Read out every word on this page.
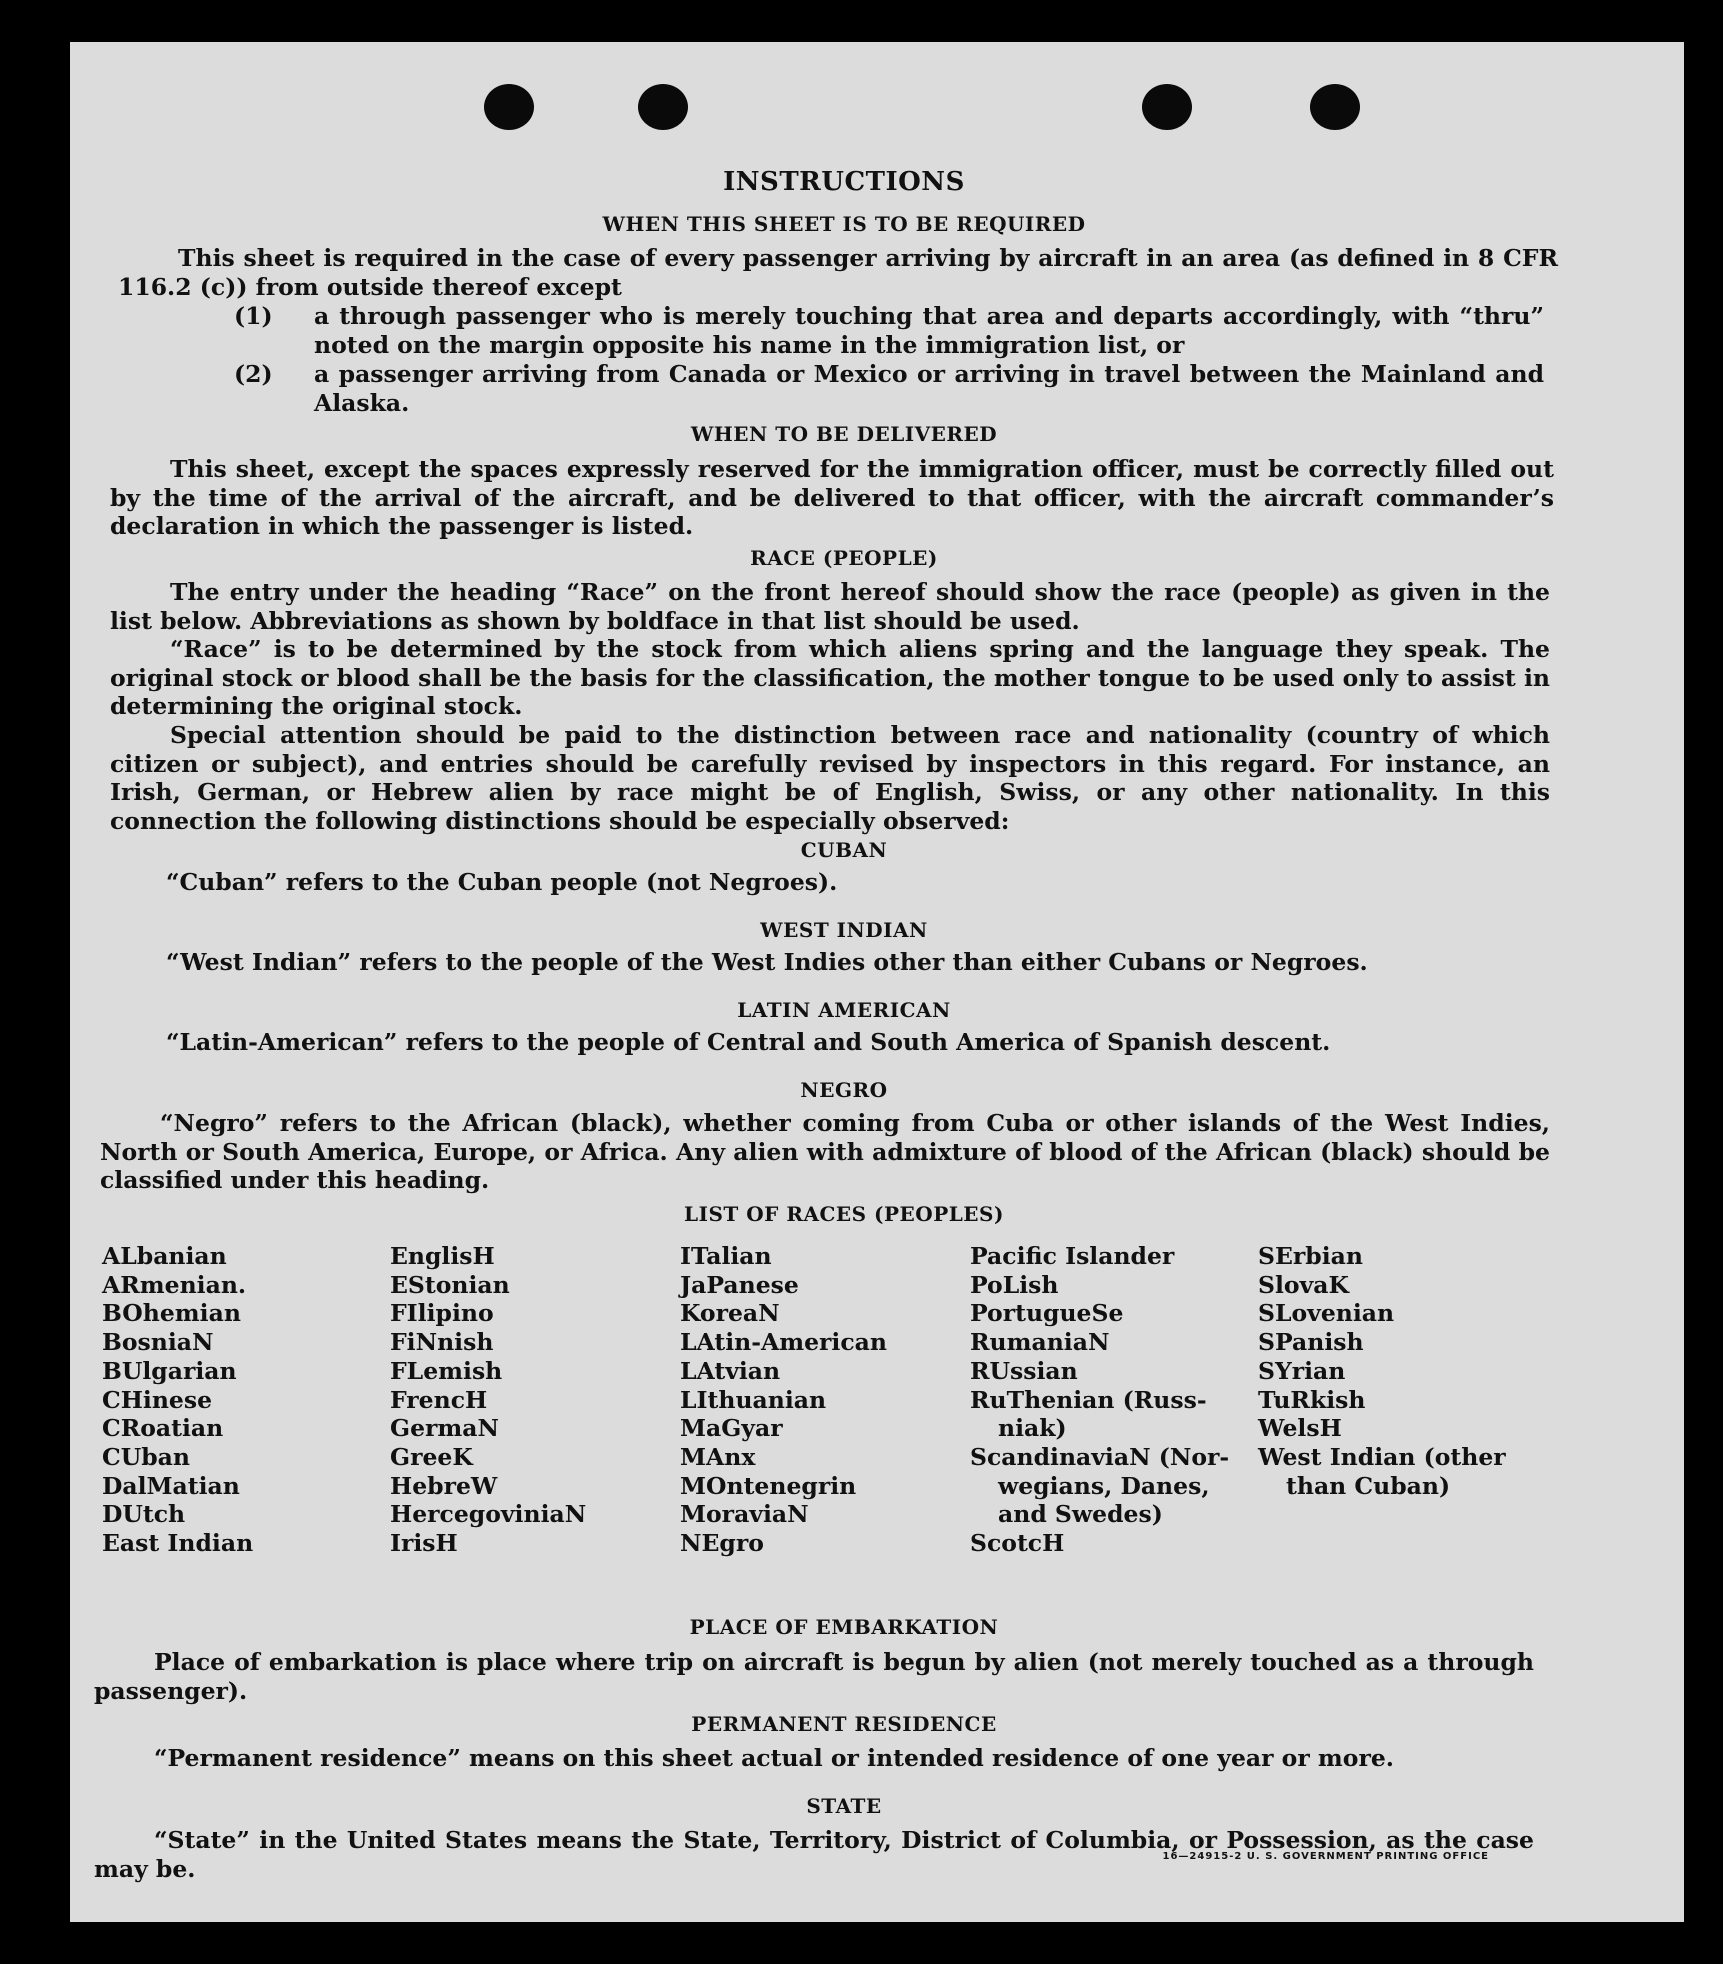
INSTRUCTIONS
WHEN THIS SHEET IS TO BE REQUIRED
This sheet is required in the case of every passenger arriving by aircraft in an area (as defined in 8 CFR 116.2 (c)) from outside thereof except
(1) a through passenger who is merely touching that area and departs accordingly, with “thru” noted on the margin opposite his name in the immigration list, or
(2) a passenger arriving from Canada or Mexico or arriving in travel between the Mainland and Alaska.
WHEN TO BE DELIVERED
This sheet, except the spaces expressly reserved for the immigration officer, must be correctly filled out by the time of the arrival of the aircraft, and be delivered to that officer, with the aircraft commander’s declaration in which the passenger is listed.
RACE (PEOPLE)
The entry under the heading “Race” on the front hereof should show the race (people) as given in the list below. Abbreviations as shown by boldface in that list should be used.
“Race” is to be determined by the stock from which aliens spring and the language they speak. The original stock or blood shall be the basis for the classification, the mother tongue to be used only to assist in determining the original stock.
Special attention should be paid to the distinction between race and nationality (country of which citizen or subject), and entries should be carefully revised by inspectors in this regard. For instance, an Irish, German, or Hebrew alien by race might be of English, Swiss, or any other nationality. In this connection the following distinctions should be especially observed:
CUBAN
“Cuban” refers to the Cuban people (not Negroes).
WEST INDIAN
“West Indian” refers to the people of the West Indies other than either Cubans or Negroes.
LATIN AMERICAN
“Latin-American” refers to the people of Central and South America of Spanish descent.
NEGRO
“Negro” refers to the African (black), whether coming from Cuba or other islands of the West Indies, North or South America, Europe, or Africa. Any alien with admixture of blood of the African (black) should be classified under this heading.
LIST OF RACES (PEOPLES)
ALbanian
ARmenian.
BOhemian
BosniaN
BUlgarian
CHinese
CRoatian
CUban
DalMatian
DUtch
East Indian
EnglisH
EStonian
FIlipino
FiNnish
FLemish
FrencH
GermaN
GreeK
HebreW
HercegoviniaN
IrisH
ITalian
JaPanese
KoreaN
LAtin-American
LAtvian
LIthuanian
MaGyar
MAnx
MOntenegrin
MoraviaN
NEgro
Pacific Islander
PoLish
PortugueSe
RumaniaN
RUssian
RuThenian (Russ-
niak)
ScandinaviaN (Nor-
wegians, Danes,
and Swedes)
ScotcH
SErbian
SlovaK
SLovenian
SPanish
SYrian
TuRkish
WelsH
West Indian (other
than Cuban)
PLACE OF EMBARKATION
Place of embarkation is place where trip on aircraft is begun by alien (not merely touched as a through passenger).
PERMANENT RESIDENCE
“Permanent residence” means on this sheet actual or intended residence of one year or more.
STATE
“State” in the United States means the State, Territory, District of Columbia, or Possession, as the case may be.	16—24915-2 U. S. GOVERNMENT PRINTING OFFICE
